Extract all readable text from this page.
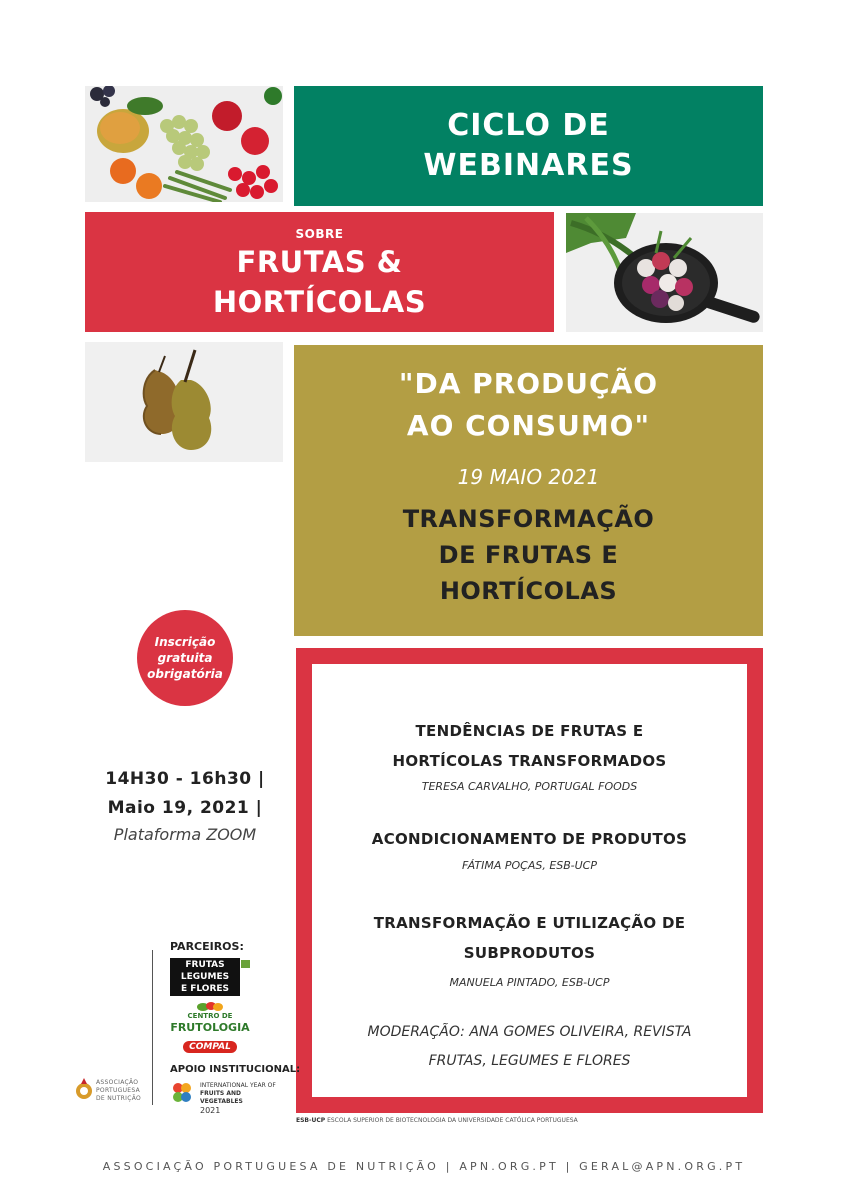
CICLO DE
WEBINARES
SOBRE
FRUTAS &
HORTÍCOLAS
"DA PRODUÇÃO
AO CONSUMO"
19 MAIO 2021
TRANSFORMAÇÃO
DE FRUTAS E
HORTÍCOLAS
Inscrição
gratuita
obrigatória
14H30 - 16h30 |
Maio 19, 2021 |
Plataforma ZOOM
TENDÊNCIAS DE FRUTAS E
HORTÍCOLAS TRANSFORMADOS
TERESA CARVALHO, PORTUGAL FOODS
ACONDICIONAMENTO DE PRODUTOS
FÁTIMA POÇAS, ESB-UCP
TRANSFORMAÇÃO E UTILIZAÇÃO DE
SUBPRODUTOS
MANUELA PINTADO, ESB-UCP
MODERAÇÃO: ANA GOMES OLIVEIRA, REVISTA
FRUTAS, LEGUMES E FLORES
ESB-UCP ESCOLA SUPERIOR DE BIOTECNOLOGIA DA UNIVERSIDADE CATÓLICA PORTUGUESA
PARCEIROS:
FRUTAS
LEGUMES
E FLORES
CENTRO DE
FRUTOLOGIA
COMPAL
APOIO INSTITUCIONAL:
ASSOCIAÇÃO
PORTUGUESA
DE NUTRIÇÃO
INTERNATIONAL YEAR OF
FRUITS AND VEGETABLES
2021
ASSOCIAÇÃO PORTUGUESA DE NUTRIÇÃO | APN.ORG.PT | GERAL@APN.ORG.PT
